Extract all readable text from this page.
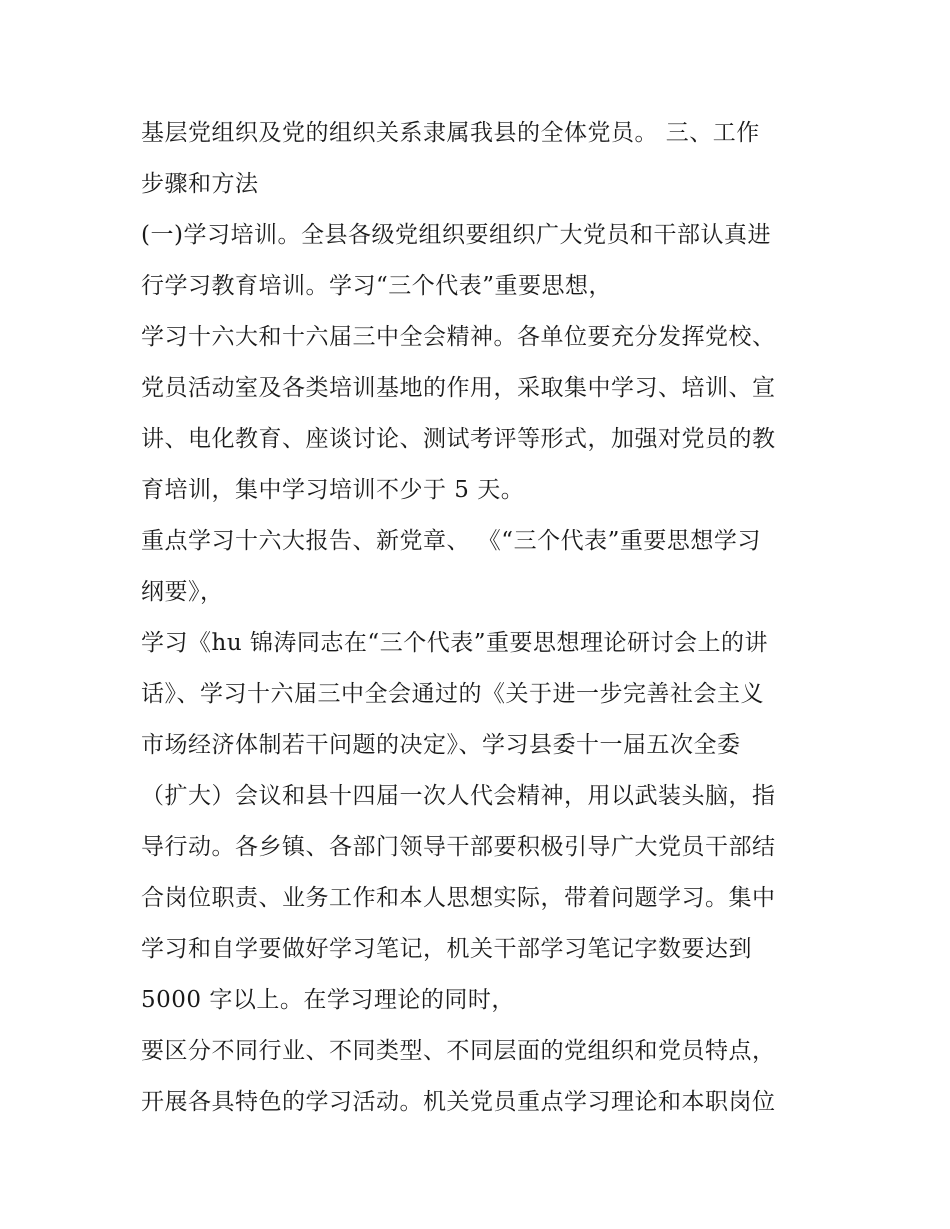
基层党组织及党的组织关系隶属我县的全体党员。 三、工作
步骤和方法
(一)学习培训。全县各级党组织要组织广大党员和干部认真进
行学习教育培训。学习“三个代表”重要思想，
学习十六大和十六届三中全会精神。各单位要充分发挥党校、
党员活动室及各类培训基地的作用，采取集中学习、培训、宣
讲、电化教育、座谈讨论、测试考评等形式，加强对党员的教
育培训，集中学习培训不少于 5 天。
重点学习十六大报告、新党章、 《“三个代表”重要思想学习
纲要》，
学习《hu 锦涛同志在“三个代表”重要思想理论研讨会上的讲
话》、学习十六届三中全会通过的《关于进一步完善社会主义
市场经济体制若干问题的决定》、学习县委十一届五次全委
（扩大）会议和县十四届一次人代会精神，用以武装头脑，指
导行动。各乡镇、各部门领导干部要积极引导广大党员干部结
合岗位职责、业务工作和本人思想实际，带着问题学习。集中
学习和自学要做好学习笔记，机关干部学习笔记字数要达到
5000 字以上。在学习理论的同时，
要区分不同行业、不同类型、不同层面的党组织和党员特点，
开展各具特色的学习活动。机关党员重点学习理论和本职岗位
